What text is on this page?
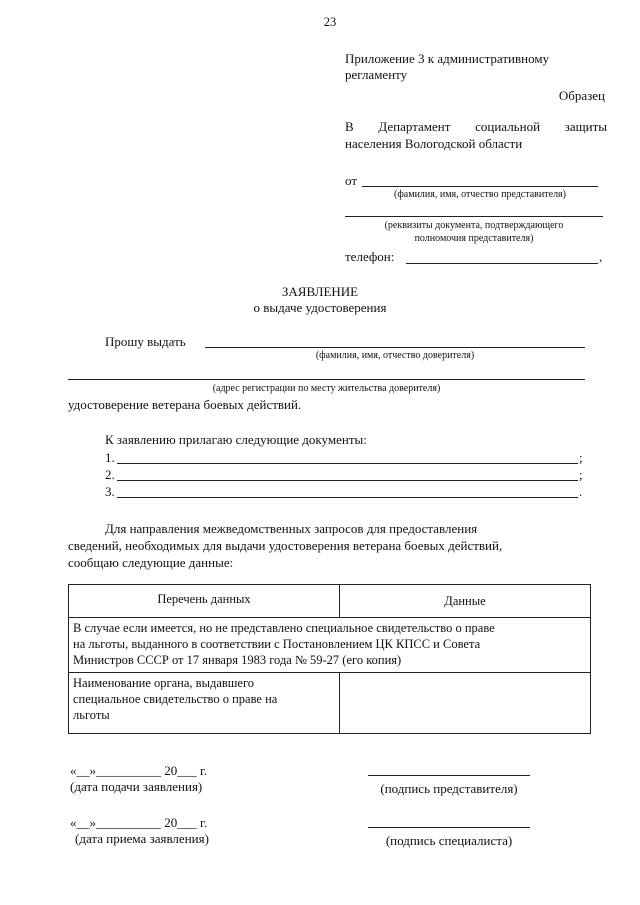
23
Приложение 3 к административному
регламенту
Образец
В Департамент социальной защиты
населения Вологодской области
от
(фамилия, имя, отчество представителя)
(реквизиты документа, подтверждающего
полномочия представителя)
телефон:	,
ЗАЯВЛЕНИЕ
о выдаче удостоверения
Прошу выдать
(фамилия, имя, отчество доверителя)
(адрес регистрации по месту жительства доверителя)
удостоверение ветерана боевых действий.
К заявлению прилагаю следующие документы:
1.	;
2.	;
3.	.
Для направления межведомственных запросов для предоставления
сведений, необходимых для выдачи удостоверения ветерана боевых действий,
сообщаю следующие данные:
Перечень данных	Данные

В случае если имеется, но не представлено специальное свидетельство о праве
на льготы, выданного в соответствии с Постановлением ЦК КПСС и Совета
Министров СССР от 17 января 1983 года № 59-27 (его копия)	

Наименование органа, выдавшего
специальное свидетельство о праве на
льготы	

«__»__________ 20___ г.
(дата подачи заявления)	(подпись представителя)
«__»__________ 20___ г.
(дата приема заявления)	(подпись специалиста)
